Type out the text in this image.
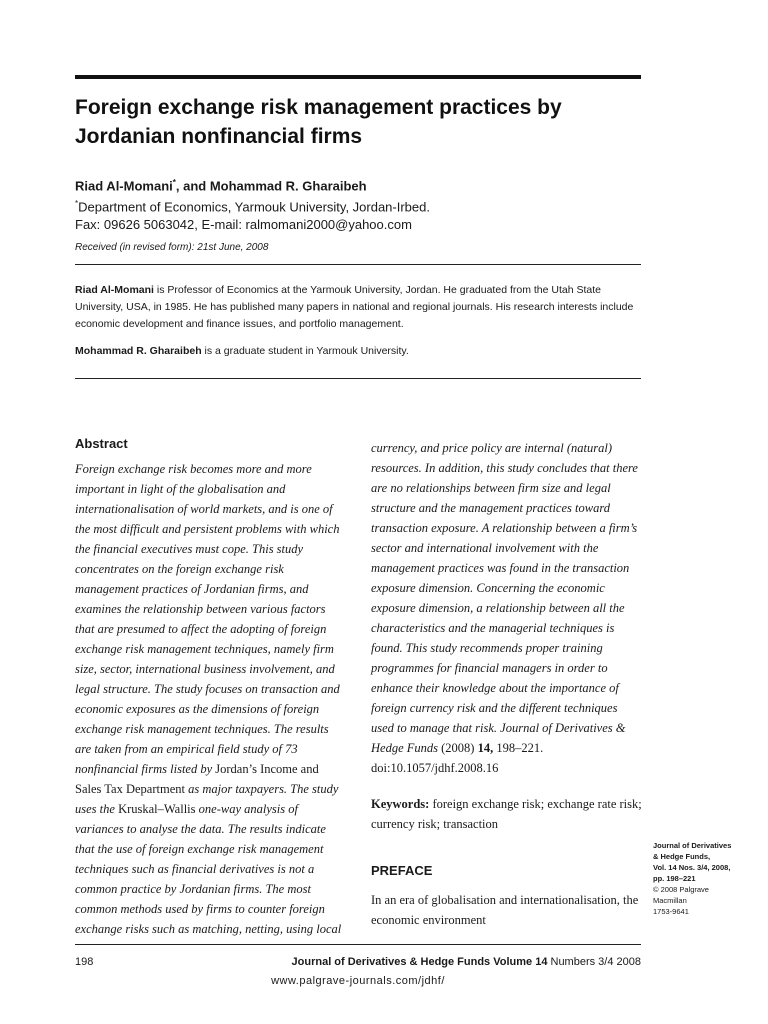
Foreign exchange risk management practices by Jordanian nonfinancial firms
Riad Al-Momani*, and Mohammad R. Gharaibeh
*Department of Economics, Yarmouk University, Jordan-Irbed.
Fax: 09626 5063042, E-mail: ralmomani2000@yahoo.com
Received (in revised form): 21st June, 2008

Riad Al-Momani is Professor of Economics at the Yarmouk University, Jordan. He graduated from the Utah State University, USA, in 1985. He has published many papers in national and regional journals. His research interests include economic development and finance issues, and portfolio management.

Mohammad R. Gharaibeh is a graduate student in Yarmouk University.

Abstract

Foreign exchange risk becomes more and more important in light of the globalisation and internationalisation of world markets, and is one of the most difficult and persistent problems with which the financial executives must cope. This study concentrates on the foreign exchange risk management practices of Jordanian firms, and examines the relationship between various factors that are presumed to affect the adopting of foreign exchange risk management techniques, namely firm size, sector, international business involvement, and legal structure. The study focuses on transaction and economic exposures as the dimensions of foreign exchange risk management techniques. The results are taken from an empirical field study of 73 nonfinancial firms listed by Jordan’s Income and Sales Tax Department as major taxpayers. The study uses the Kruskal–Wallis one-way analysis of variances to analyse the data. The results indicate that the use of foreign exchange risk management techniques such as financial derivatives is not a common practice by Jordanian firms. The most common methods used by firms to counter foreign exchange risks such as matching, netting, using local

currency, and price policy are internal (natural) resources. In addition, this study concludes that there are no relationships between firm size and legal structure and the management practices toward transaction exposure. A relationship between a firm’s sector and international involvement with the management practices was found in the transaction exposure dimension. Concerning the economic exposure dimension, a relationship between all the characteristics and the managerial techniques is found. This study recommends proper training programmes for financial managers in order to enhance their knowledge about the importance of foreign currency risk and the different techniques used to manage that risk. Journal of Derivatives & Hedge Funds (2008) 14, 198–221. doi:10.1057/jdhf.2008.16

Keywords: foreign exchange risk; exchange rate risk; currency risk; transaction

PREFACE

In an era of globalisation and internationalisation, the economic environment

Journal of Derivatives
& Hedge Funds,
Vol. 14 Nos. 3/4, 2008,
pp. 198–221
© 2008 Palgrave
Macmillan
1753-9641
198	Journal of Derivatives & Hedge Funds Volume 14 Numbers 3/4 2008
www.palgrave-journals.com/jdhf/
